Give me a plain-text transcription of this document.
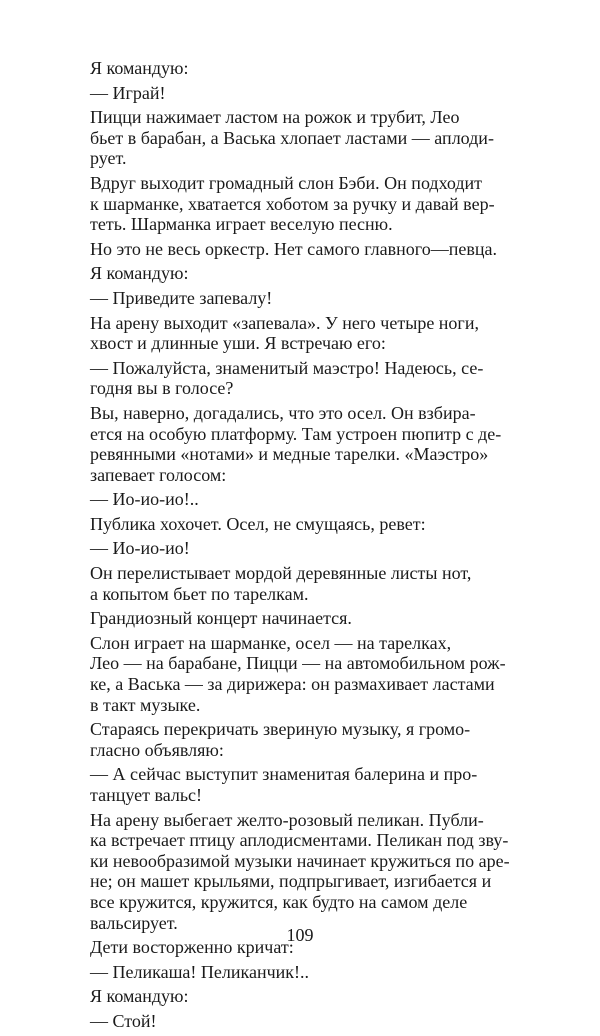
Я командую:
— Играй!
Пицци нажимает ластом на рожок и трубит, Лео
бьет в барабан, а Васька хлопает ластами — аплоди-
рует.
Вдруг выходит громадный слон Бэби. Он подходит
к шарманке, хватается хоботом за ручку и давай вер-
теть. Шарманка играет веселую песню.
Но это не весь оркестр. Нет самого главного—певца.
Я командую:
— Приведите запевалу!
На арену выходит «запевала». У него четыре ноги,
хвост и длинные уши. Я встречаю его:
— Пожалуйста, знаменитый маэстро! Надеюсь, се-
годня вы в голосе?
Вы, наверно, догадались, что это осел. Он взбира-
ется на особую платформу. Там устроен пюпитр с де-
ревянными «нотами» и медные тарелки. «Маэстро»
запевает голосом:
— Ио-ио-ио!..
Публика хохочет. Осел, не смущаясь, ревет:
— Ио-ио-ио!
Он перелистывает мордой деревянные листы нот,
а копытом бьет по тарелкам.
Грандиозный концерт начинается.
Слон играет на шарманке, осел — на тарелках,
Лео — на барабане, Пицци — на автомобильном рож-
ке, а Васька — за дирижера: он размахивает ластами
в такт музыке.
Стараясь перекричать звериную музыку, я громо-
гласно объявляю:
— А сейчас выступит знаменитая балерина и про-
танцует вальс!
На арену выбегает желто-розовый пеликан. Публи-
ка встречает птицу аплодисментами. Пеликан под зву-
ки невообразимой музыки начинает кружиться по аре-
не; он машет крыльями, подпрыгивает, изгибается и
все кружится, кружится, как будто на самом деле
вальсирует.
Дети восторженно кричат:
— Пеликаша! Пеликанчик!..
Я командую:
— Стой!
109
